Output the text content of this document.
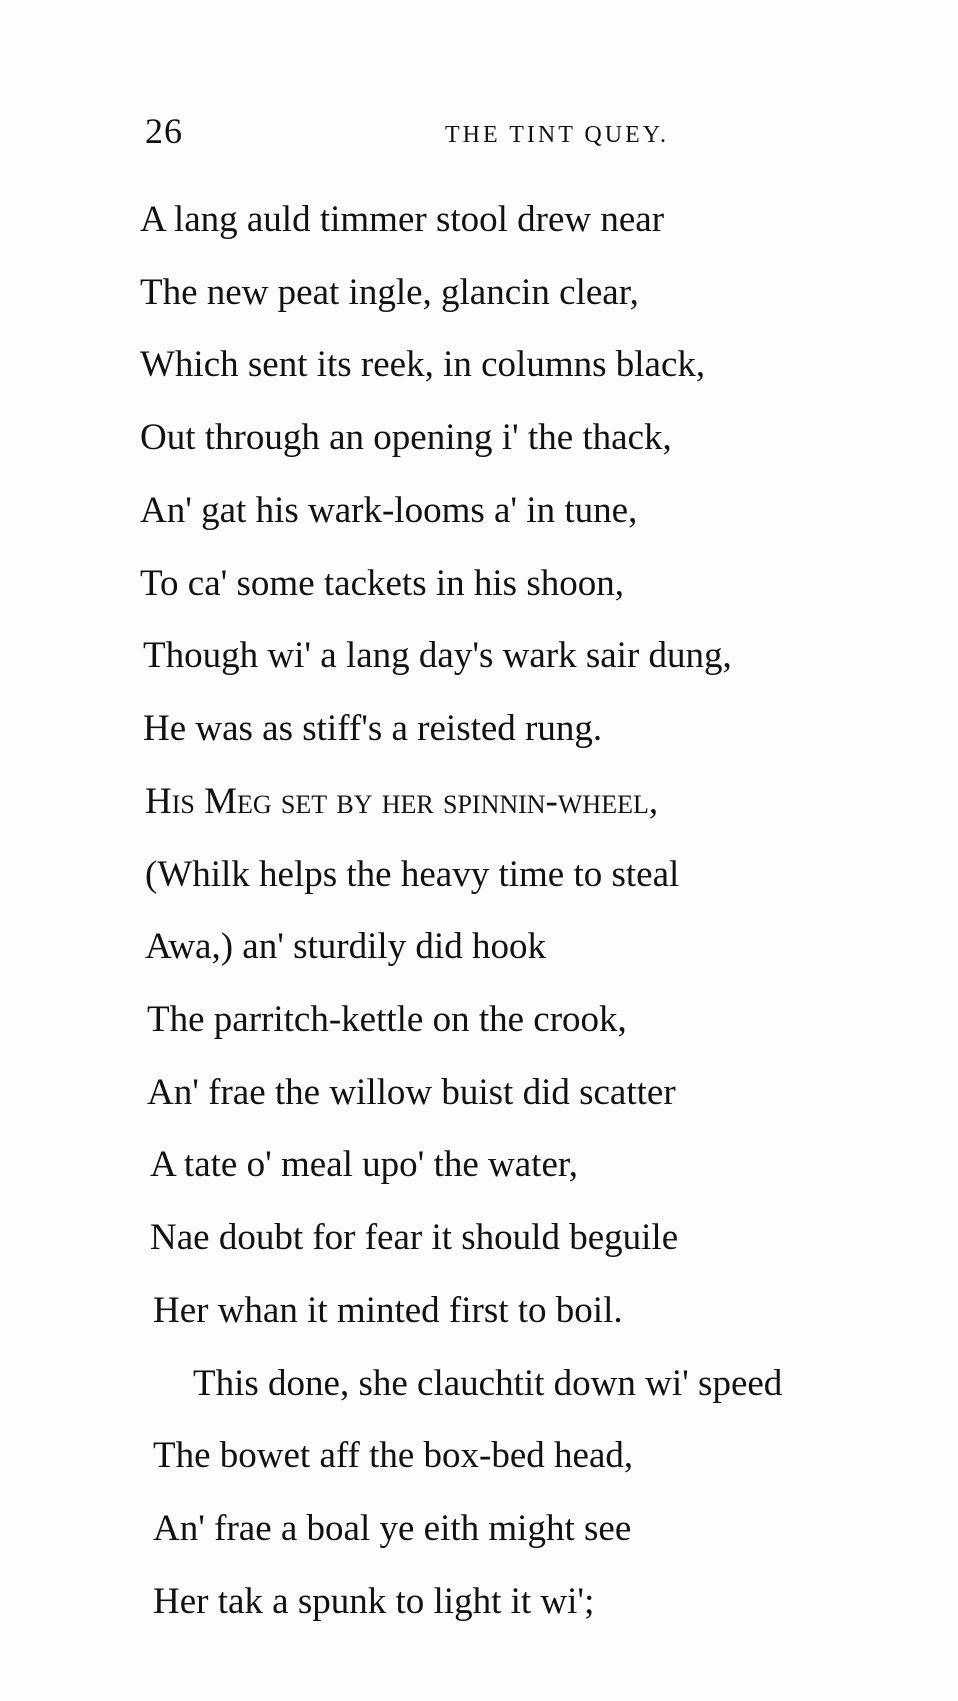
26	THE TINT QUEY.
A lang auld timmer stool drew near
The new peat ingle, glancin clear,
Which sent its reek, in columns black,
Out through an opening i' the thack,
An' gat his wark-looms a' in tune,
To ca' some tackets in his shoon,
Though wi' a lang day's wark sair dung,
He was as stiff's a reisted rung.
His Meg set by her spinnin-wheel,
(Whilk helps the heavy time to steal
Awa,) an' sturdily did hook
The parritch-kettle on the crook,
An' frae the willow buist did scatter
A tate o' meal upo' the water,
Nae doubt for fear it should beguile
Her whan it minted first to boil.
This done, she clauchtit down wi' speed
The bowet aff the box-bed head,
An' frae a boal ye eith might see
Her tak a spunk to light it wi';
